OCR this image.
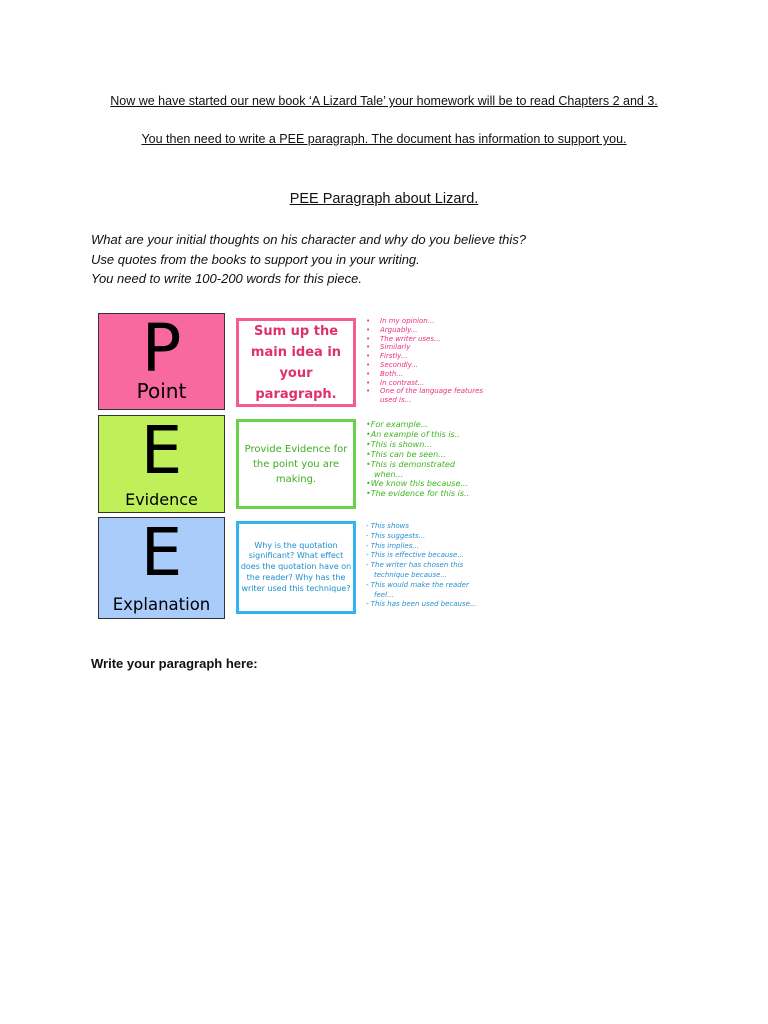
Now we have started our new book ‘A Lizard Tale’ your homework will be to read Chapters 2 and 3.
You then need to write a PEE paragraph. The document has information to support you.
PEE Paragraph about Lizard.
What are your initial thoughts on his character and why do you believe this?
Use quotes from the books to support you in your writing.
You need to write 100-200 words for this piece.
P
Point
Sum up the main idea in your paragraph.
• In my opinion...
• Arguably...
• The writer uses...
• Similarly
• Firstly...
• Secondly...
• Both...
• In contrast...
• One of the language features
used is...
E
Evidence
Provide Evidence for the point you are making.
•For example...
•An example of this is..
•This is shown...
•This can be seen...
•This is demonstrated
when...
•We know this because...
•The evidence for this is..
E
Explanation
Why is the quotation significant? What effect does the quotation have on the reader? Why has the writer used this technique?
- This shows
- This suggests...
- This implies...
- This is effective because...
- The writer has chosen this
technique because...
- This would make the reader
feel...
- This has been used because...
Write your paragraph here:
